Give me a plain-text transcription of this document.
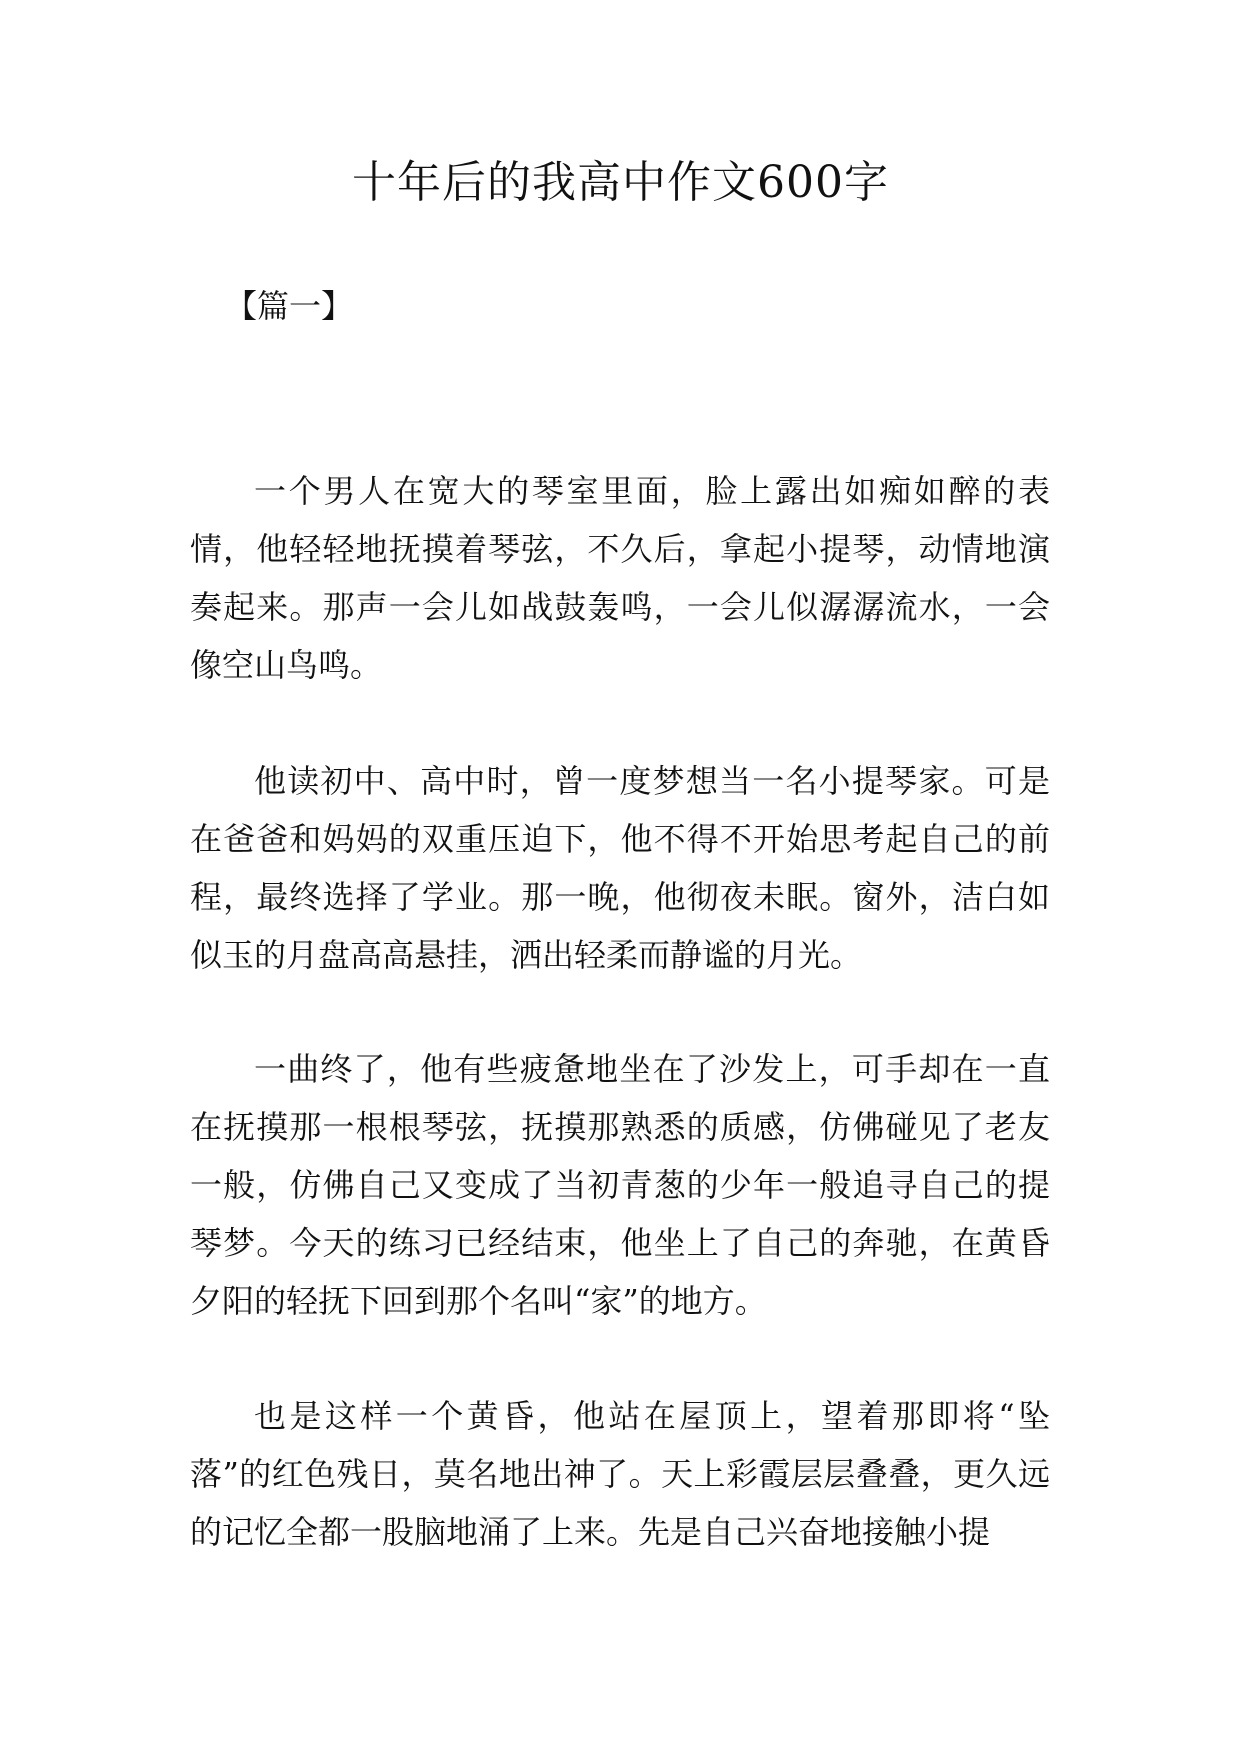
十年后的我高中作文600字

【篇一】

一个男人在宽大的琴室里面，脸上露出如痴如醉的表情，他轻轻地抚摸着琴弦，不久后，拿起小提琴，动情地演奏起来。那声一会儿如战鼓轰鸣，一会儿似潺潺流水，一会像空山鸟鸣。

他读初中、高中时，曾一度梦想当一名小提琴家。可是在爸爸和妈妈的双重压迫下，他不得不开始思考起自己的前程，最终选择了学业。那一晚，他彻夜未眠。窗外，洁白如似玉的月盘高高悬挂，洒出轻柔而静谧的月光。

一曲终了，他有些疲惫地坐在了沙发上，可手却在一直在抚摸那一根根琴弦，抚摸那熟悉的质感，仿佛碰见了老友一般，仿佛自己又变成了当初青葱的少年一般追寻自己的提琴梦。今天的练习已经结束，他坐上了自己的奔驰，在黄昏夕阳的轻抚下回到那个名叫“家”的地方。

也是这样一个黄昏，他站在屋顶上，望着那即将“坠落”的红色残日，莫名地出神了。天上彩霞层层叠叠，更久远的记忆全都一股脑地涌了上来。先是自己兴奋地接触小提
